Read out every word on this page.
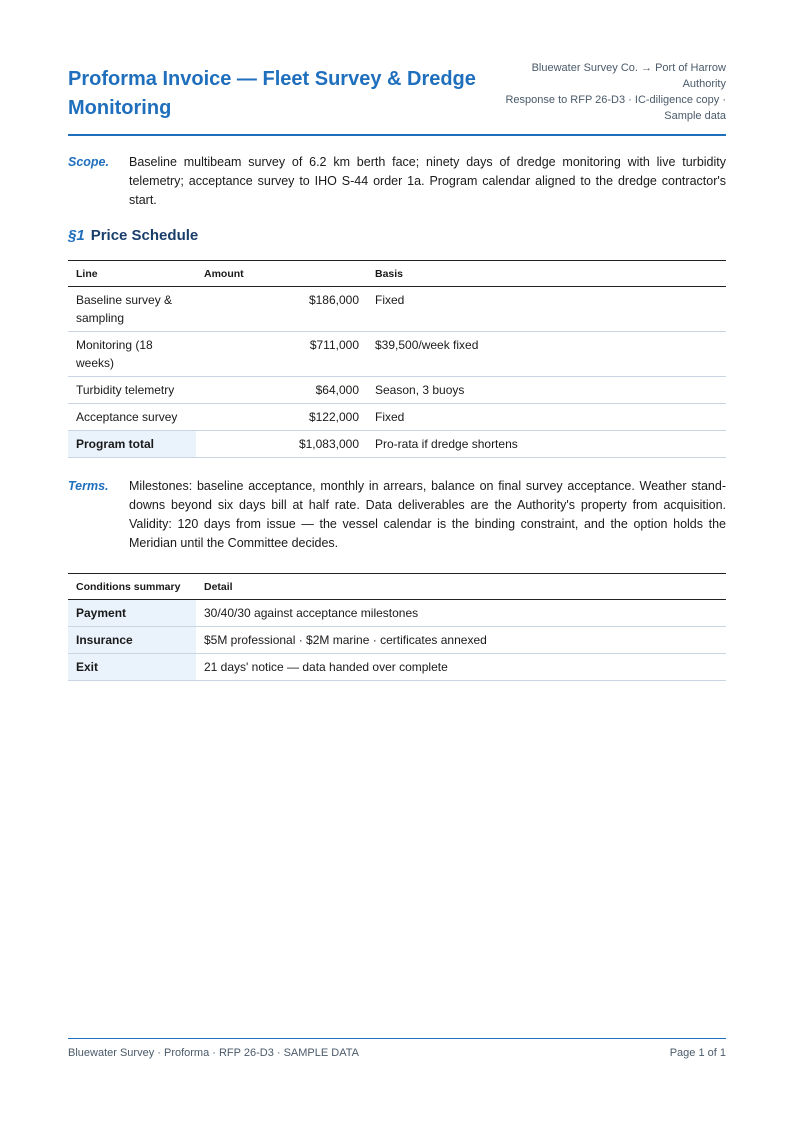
Proforma Invoice — Fleet Survey & Dredge Monitoring
Bluewater Survey Co. → Port of Harrow
Authority
Response to RFP 26-D3 · IC-diligence copy ·
Sample data
Scope. Baseline multibeam survey of 6.2 km berth face; ninety days of dredge monitoring with live turbidity telemetry; acceptance survey to IHO S-44 order 1a. Program calendar aligned to the dredge contractor's start.
§1 Price Schedule
Line	Amount	Basis
Baseline survey & sampling	$186,000	Fixed
Monitoring (18 weeks)	$711,000	$39,500/week fixed
Turbidity telemetry	$64,000	Season, 3 buoys
Acceptance survey	$122,000	Fixed
Program total	$1,083,000	Pro-rata if dredge shortens
Terms. Milestones: baseline acceptance, monthly in arrears, balance on final survey acceptance. Weather stand-downs beyond six days bill at half rate. Data deliverables are the Authority's property from acquisition. Validity: 120 days from issue — the vessel calendar is the binding constraint, and the option holds the Meridian until the Committee decides.
Conditions summary	Detail
Payment	30/40/30 against acceptance milestones
Insurance	$5M professional · $2M marine · certificates annexed
Exit	21 days' notice — data handed over complete
Bluewater Survey · Proforma · RFP 26-D3 · SAMPLE DATA	Page 1 of 1
